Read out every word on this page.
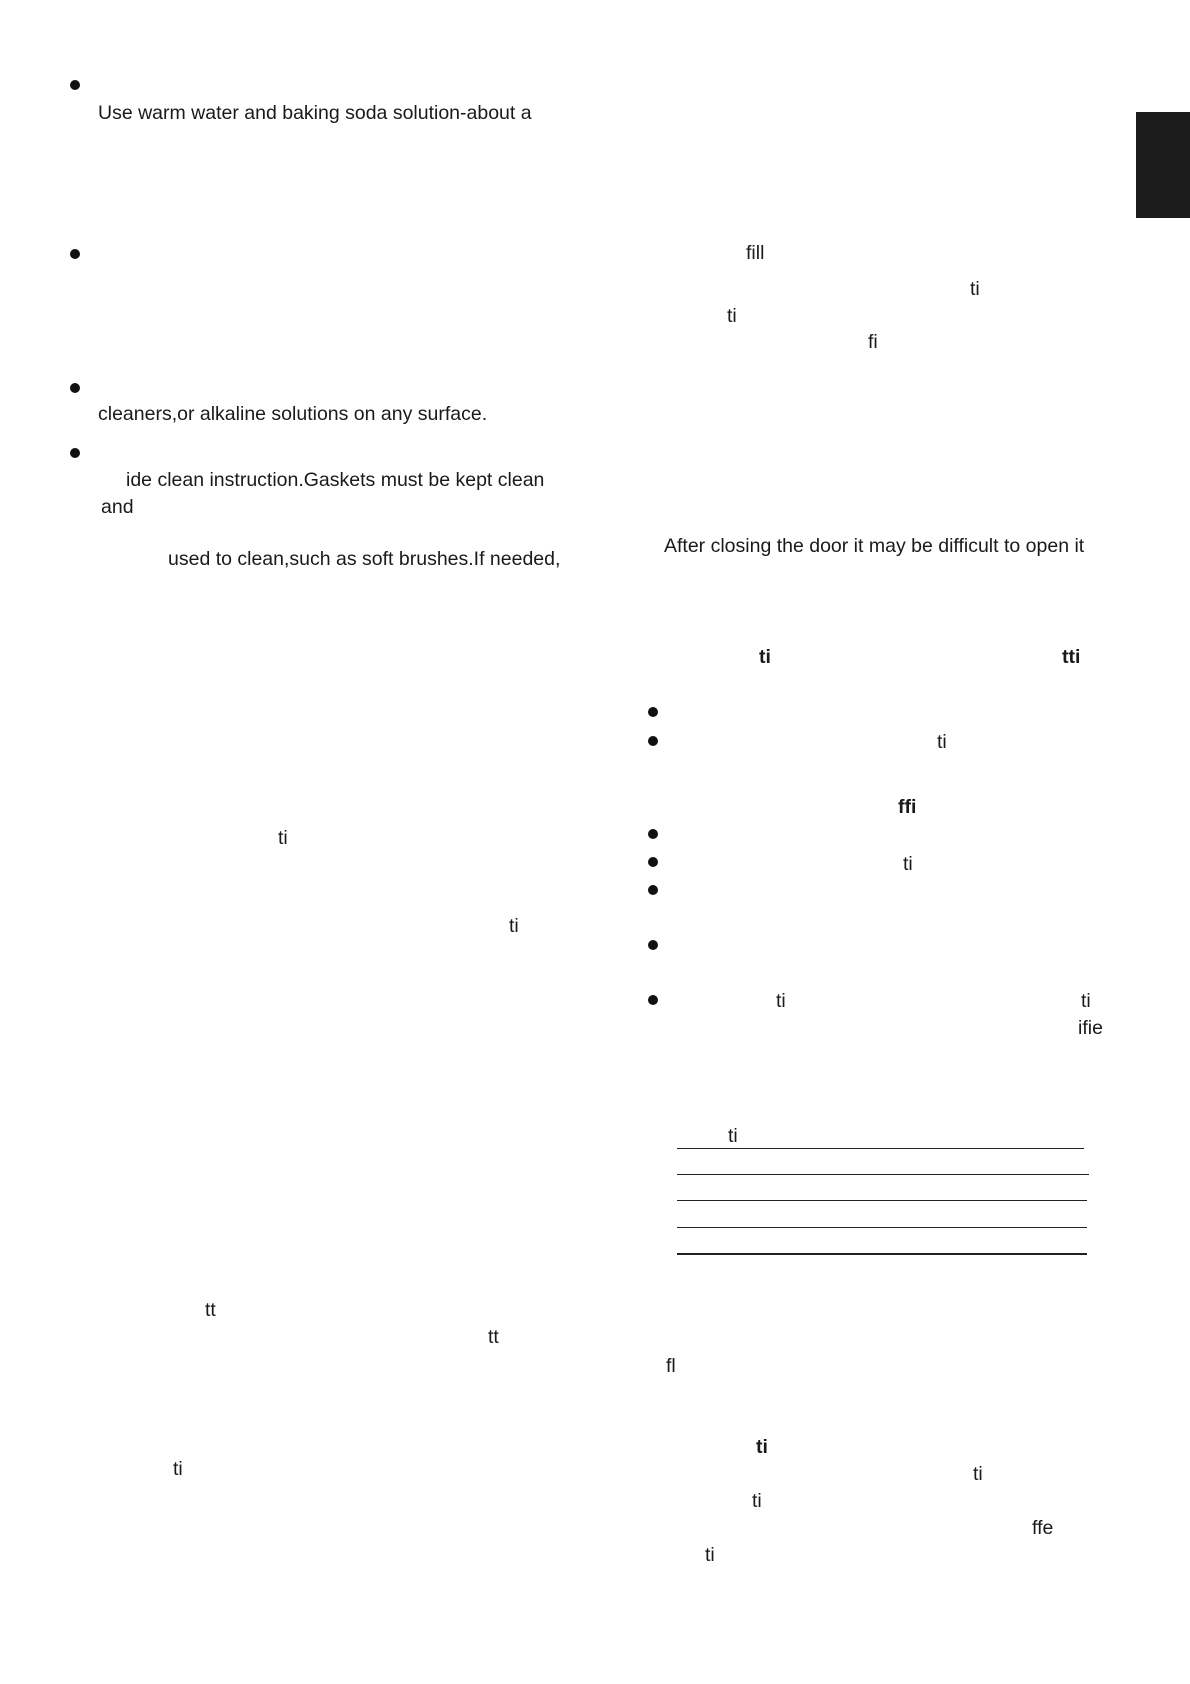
Use warm water and baking soda solution-about a
cleaners,or alkaline solutions on any surface.
ide clean instruction.Gaskets must be kept clean
and
used to clean,such as soft brushes.If needed,
ti
ti
tt
tt
ti
fill
ti
ti
fi
After closing the door it may be difficult to open it
ti	tti
ti
ffi
ti
ti	ti
ifie
ti
fl
ti
ti
ti
ffe
ti
